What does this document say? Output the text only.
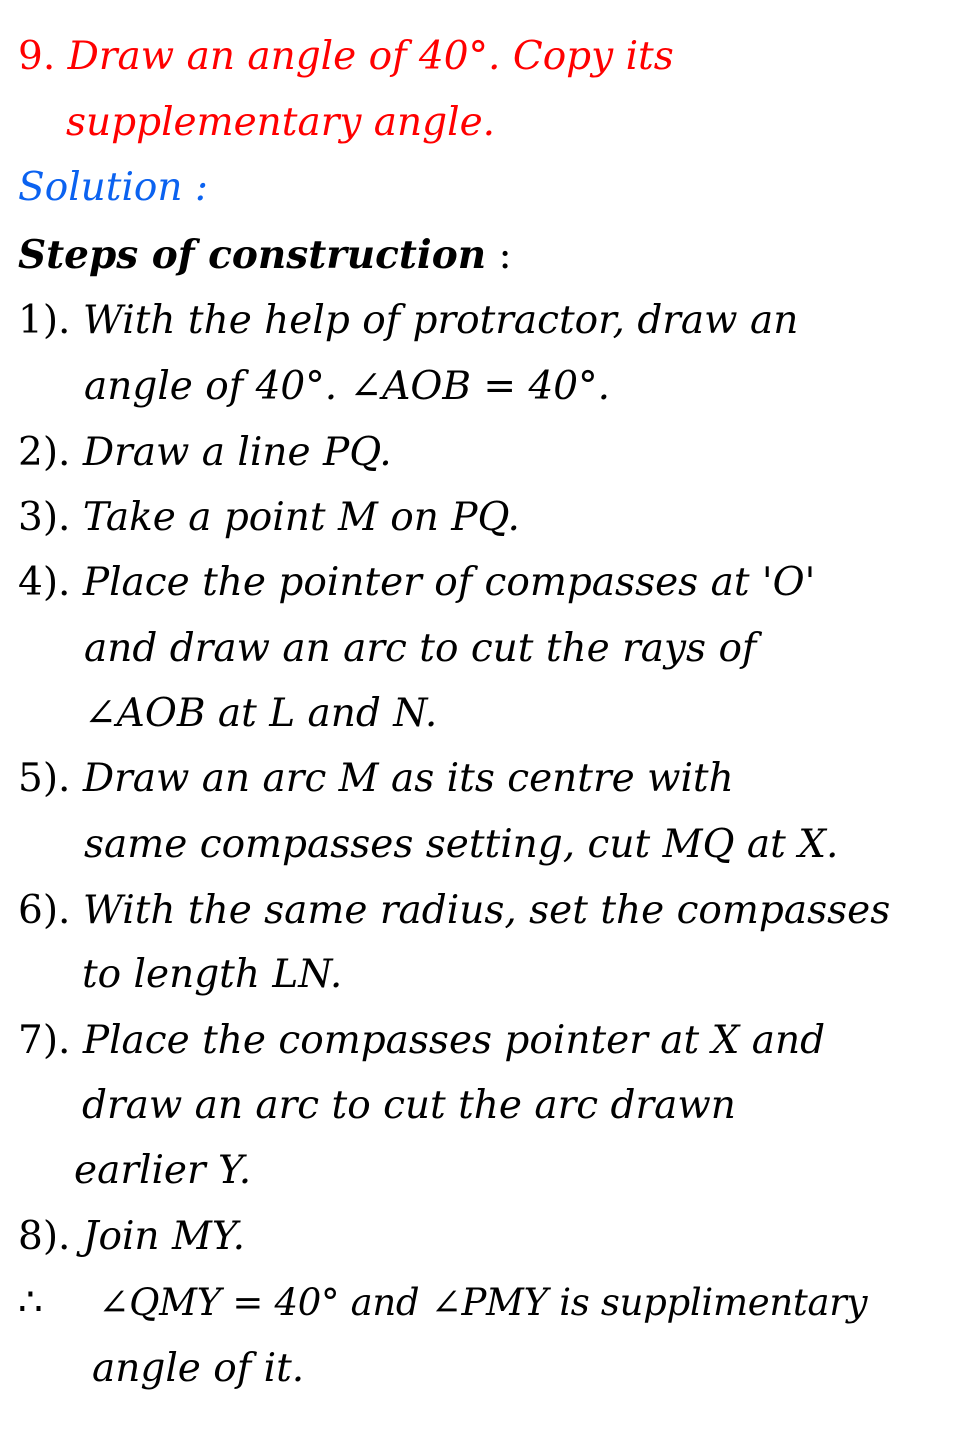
9. Draw an angle of 40°. Copy its
supplementary angle.
Solution :
Steps of construction :
1). With the help of protractor, draw an
angle of 40°. ∠AOB = 40°.
2). Draw a line PQ.
3). Take a point M on PQ.
4). Place the pointer of compasses at 'O'
and draw an arc to cut the rays of
∠AOB at L and N.
5). Draw an arc M as its centre with
same compasses setting, cut MQ at X.
6). With the same radius, set the compasses
to length LN.
7). Place the compasses pointer at X and
draw an arc to cut the arc drawn
earlier Y.
8). Join MY.
∴ ∠QMY = 40° and ∠PMY is supplimentary
angle of it.
